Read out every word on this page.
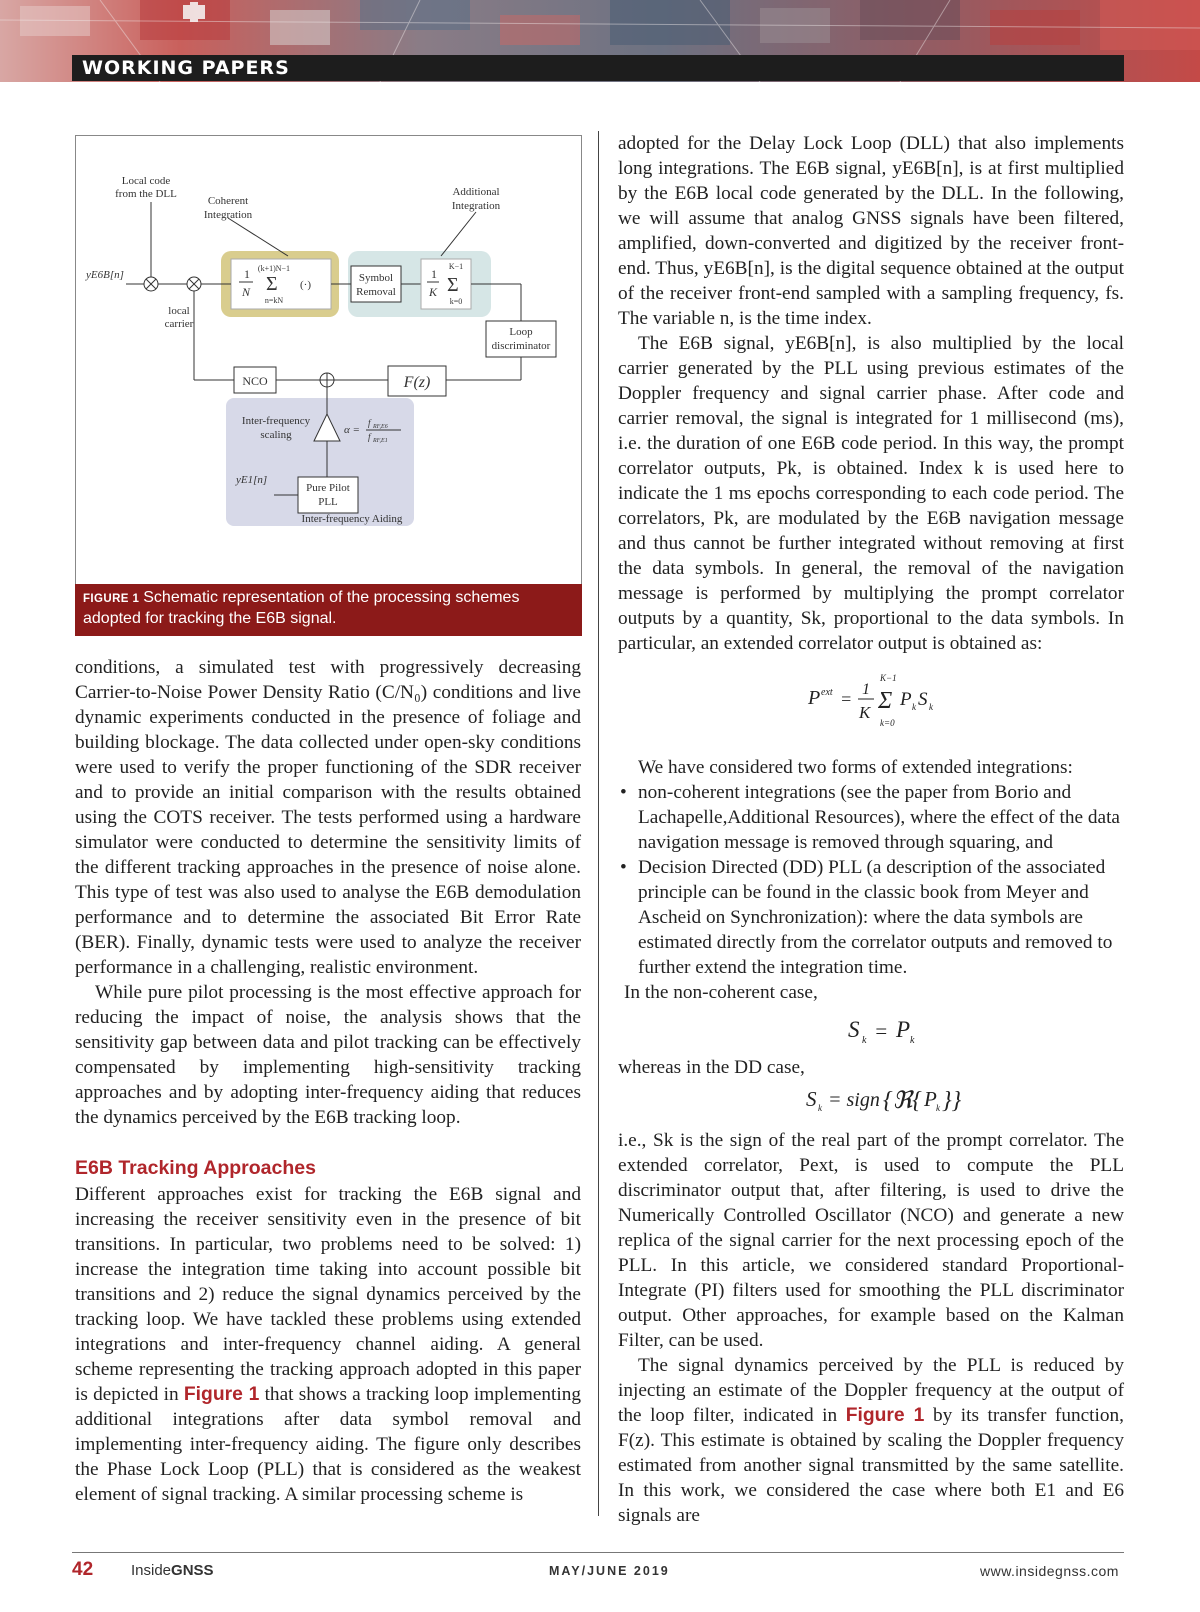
WORKING PAPERS
Local code
from the DLL
Coherent
Integration
Additional
Integration
yE6B[n]
local
carrier
1
N
(k+1)N−1
Σ
n=kN
(·)
Symbol
Removal
1
K
K−1
Σ
k=0
Loop
discriminator
F(z)
NCO
Inter-frequency
scaling	α =
f RF,E6
f RF,E1
yE1[n]
Pure Pilot
PLL
Inter-frequency Aiding
FIGURE 1 Schematic representation of the processing schemes adopted for tracking the E6B signal.

conditions, a simulated test with progressively decreasing Carrier-to-Noise Power Density Ratio (C/N₀) conditions and live dynamic experiments conducted in the presence of foliage and building blockage. The data collected under open-sky conditions were used to verify the proper functioning of the SDR receiver and to provide an initial comparison with the results obtained using the COTS receiver. The tests performed using a hardware simulator were conducted to determine the sensitivity limits of the different tracking approaches in the presence of noise alone. This type of test was also used to analyse the E6B demodulation performance and to determine the associated Bit Error Rate (BER). Finally, dynamic tests were used to analyze the receiver performance in a challenging, realistic environment.

While pure pilot processing is the most effective approach for reducing the impact of noise, the analysis shows that the sensitivity gap between data and pilot tracking can be effectively compensated by implementing high-sensitivity tracking approaches and by adopting inter-frequency aiding that reduces the dynamics perceived by the E6B tracking loop.

E6B Tracking Approaches

Different approaches exist for tracking the E6B signal and increasing the receiver sensitivity even in the presence of bit transitions. In particular, two problems need to be solved: 1) increase the integration time taking into account possible bit transitions and 2) reduce the signal dynamics perceived by the tracking loop. We have tackled these problems using extended integrations and inter-frequency channel aiding. A general scheme representing the tracking approach adopted in this paper is depicted in Figure 1 that shows a tracking loop implementing additional integrations after data symbol removal and implementing inter-frequency aiding. The figure only describes the Phase Lock Loop (PLL) that is considered as the weakest element of signal tracking. A similar processing scheme is

adopted for the Delay Lock Loop (DLL) that also implements long integrations. The E6B signal, yE6B[n], is at first multiplied by the E6B local code generated by the DLL. In the following, we will assume that analog GNSS signals have been filtered, amplified, down-converted and digitized by the receiver front-end. Thus, yE6B[n], is the digital sequence obtained at the output of the receiver front-end sampled with a sampling frequency, fs. The variable n, is the time index.

The E6B signal, yE6B[n], is also multiplied by the local carrier generated by the PLL using previous estimates of the Doppler frequency and signal carrier phase. After code and carrier removal, the signal is integrated for 1 millisecond (ms), i.e. the duration of one E6B code period. In this way, the prompt correlator outputs, Pk, is obtained. Index k is used here to indicate the 1 ms epochs corresponding to each code period. The correlators, Pk, are modulated by the E6B navigation message and thus cannot be further integrated without removing at first the data symbols. In general, the removal of the navigation message is performed by multiplying the prompt correlator outputs by a quantity, Sk, proportional to the data symbols. In particular, an extended correlator output is obtained as:

P ext = 1
K
K−1
Σ
k=0
P k S k

We have considered two forms of extended integrations:

• non-coherent integrations (see the paper from Borio and Lachapelle,Additional Resources), where the effect of the data navigation message is removed through squaring, and
• Decision Directed (DD) PLL (a description of the associated principle can be found in the classic book from Meyer and Ascheid on Synchronization): where the data symbols are estimated directly from the correlator outputs and removed to further extend the integration time.

In the non-coherent case,

S k = P k

whereas in the DD case,

S k = sign {ℜ{ P k }}

i.e., Sk is the sign of the real part of the prompt correlator. The extended correlator, Pext, is used to compute the PLL discriminator output that, after filtering, is used to drive the Numerically Controlled Oscillator (NCO) and generate a new replica of the signal carrier for the next processing epoch of the PLL. In this article, we considered standard Proportional-Integrate (PI) filters used for smoothing the PLL discriminator output. Other approaches, for example based on the Kalman Filter, can be used.

The signal dynamics perceived by the PLL is reduced by injecting an estimate of the Doppler frequency at the output of the loop filter, indicated in Figure 1 by its transfer function, F(z). This estimate is obtained by scaling the Doppler frequency estimated from another signal transmitted by the same satellite. In this work, we considered the case where both E1 and E6 signals are

42	InsideGNSS	MAY/JUNE 2019	www.insidegnss.com
